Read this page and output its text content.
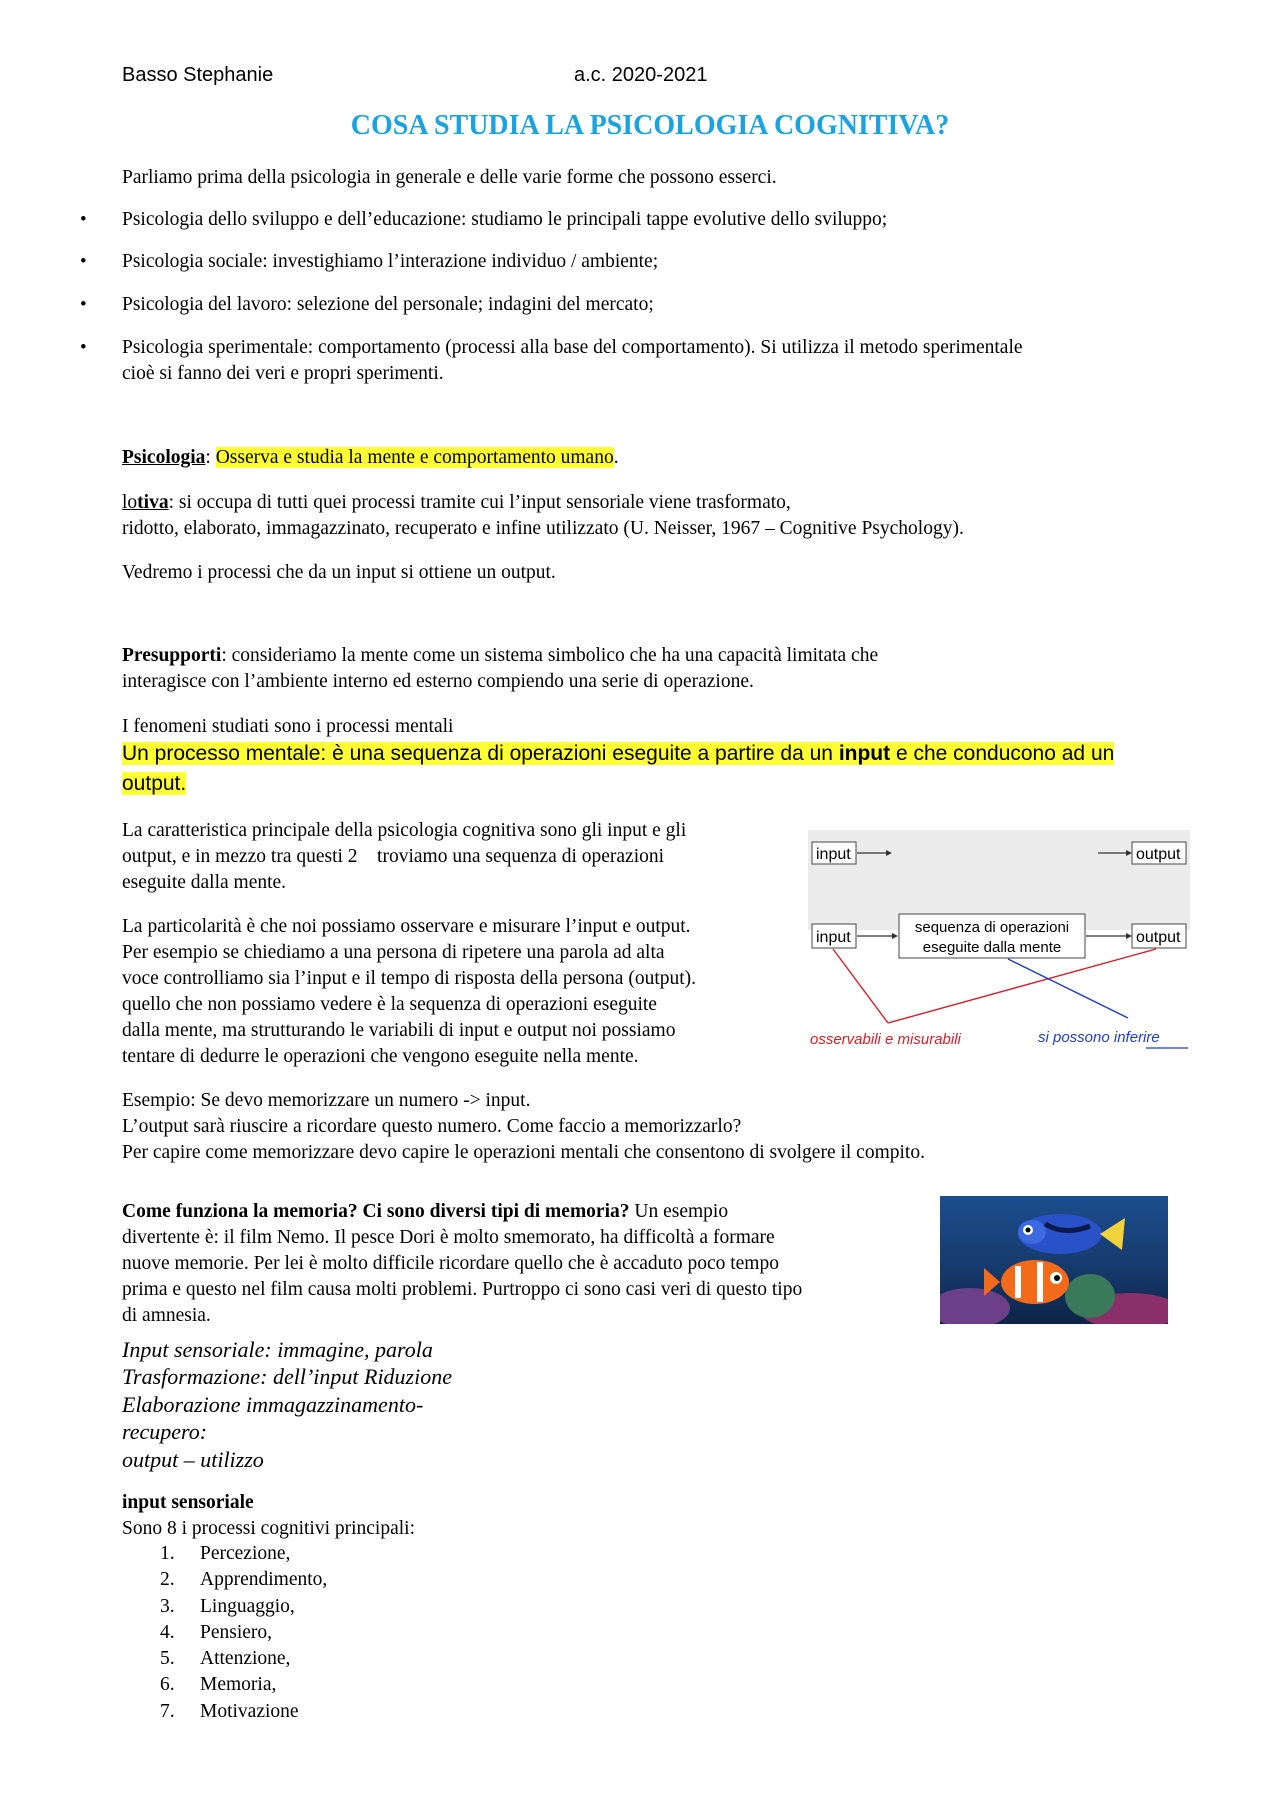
Basso Stephanie	a.c. 2020-2021
COSA STUDIA LA PSICOLOGIA COGNITIVA?

Parliamo prima della psicologia in generale e delle varie forme che possono esserci.

• Psicologia dello sviluppo e dell’educazione: studiamo le principali tappe evolutive dello sviluppo;

• Psicologia sociale: investighiamo l’interazione individuo / ambiente;

• Psicologia del lavoro: selezione del personale; indagini del mercato;

• Psicologia sperimentale: comportamento (processi alla base del comportamento). Si utilizza il metodo sperimentale

cioè si fanno dei veri e propri sperimenti.

Psicologia: Osserva e studia la mente e comportamento umano.

lotiva: si occupa di tutti quei processi tramite cui l’input sensoriale viene trasformato,

ridotto, elaborato, immagazzinato, recuperato e infine utilizzato (U. Neisser, 1967 – Cognitive Psychology).

Vedremo i processi che da un input si ottiene un output.

Presupporti: consideriamo la mente come un sistema simbolico che ha una capacità limitata che

interagisce con l’ambiente interno ed esterno compiendo una serie di operazione.

I fenomeni studiati sono i processi mentali

Un processo mentale: è una sequenza di operazioni eseguite a partire da un input e che conducono ad un

output.

La caratteristica principale della psicologia cognitiva sono gli input e gli

output, e in mezzo tra questi 2    troviamo una sequenza di operazioni

eseguite dalla mente.

La particolarità è che noi possiamo osservare e misurare l’input e output.

Per esempio se chiediamo a una persona di ripetere una parola ad alta

voce controlliamo sia l’input e il tempo di risposta della persona (output).

quello che non possiamo vedere è la sequenza di operazioni eseguite

dalla mente, ma strutturando le variabili di input e output noi possiamo

tentare di dedurre le operazioni che vengono eseguite nella mente.

input	output
input
sequenza di operazioni
eseguite dalla mente
output
osservabili e misurabili	si possono inferire

Esempio: Se devo memorizzare un numero -> input.

L’output sarà riuscire a ricordare questo numero. Come faccio a memorizzarlo?

Per capire come memorizzare devo capire le operazioni mentali che consentono di svolgere il compito.

Come funziona la memoria? Ci sono diversi tipi di memoria? Un esempio

divertente è: il film Nemo. Il pesce Dori è molto smemorato, ha difficoltà a formare

nuove memorie. Per lei è molto difficile ricordare quello che è accaduto poco tempo

prima e questo nel film causa molti problemi. Purtroppo ci sono casi veri di questo tipo

di amnesia.

Input sensoriale: immagine, parola

Trasformazione: dell’input Riduzione

Elaborazione immagazzinamento-

recupero:

output – utilizzo

input sensoriale

Sono 8 i processi cognitivi principali:

1.	Percezione,
2.	Apprendimento,
3.	Linguaggio,
4.	Pensiero,
5.	Attenzione,
6.	Memoria,
7.	Motivazione
